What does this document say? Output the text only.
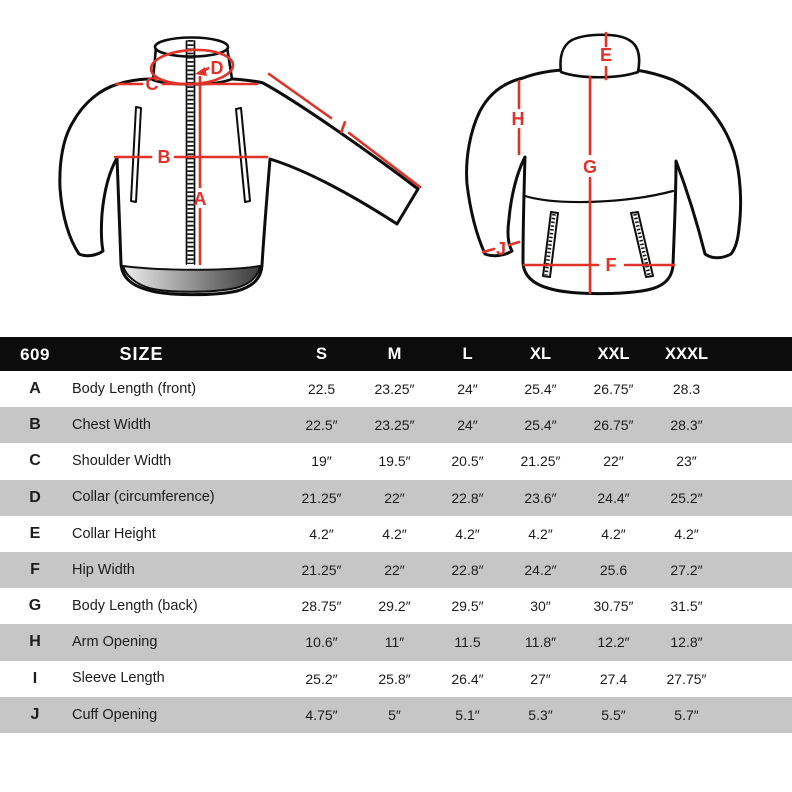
C
B
A
D
I
E
H
G
F
J
609	SIZE	S	M	L	XL	XXL	XXXL
A	Body Length (front)	22.5	23.25″	24″	25.4″	26.75″	28.3
B	Chest Width	22.5″	23.25″	24″	25.4″	26.75″	28.3″
C	Shoulder Width	19″	19.5″	20.5″	21.25″	22″	23″
D	Collar (circumference)	21.25″	22″	22.8″	23.6″	24.4″	25.2″
E	Collar Height	4.2″	4.2″	4.2″	4.2″	4.2″	4.2″
F	Hip Width	21.25″	22″	22.8″	24.2″	25.6	27.2″
G	Body Length (back)	28.75″	29.2″	29.5″	30″	30.75″	31.5″
H	Arm Opening	10.6″	11″	11.5	11.8″	12.2″	12.8″
I	Sleeve Length	25.2″	25.8″	26.4″	27″	27.4	27.75″
J	Cuff Opening	4.75″	5″	5.1″	5.3″	5.5″	5.7″
